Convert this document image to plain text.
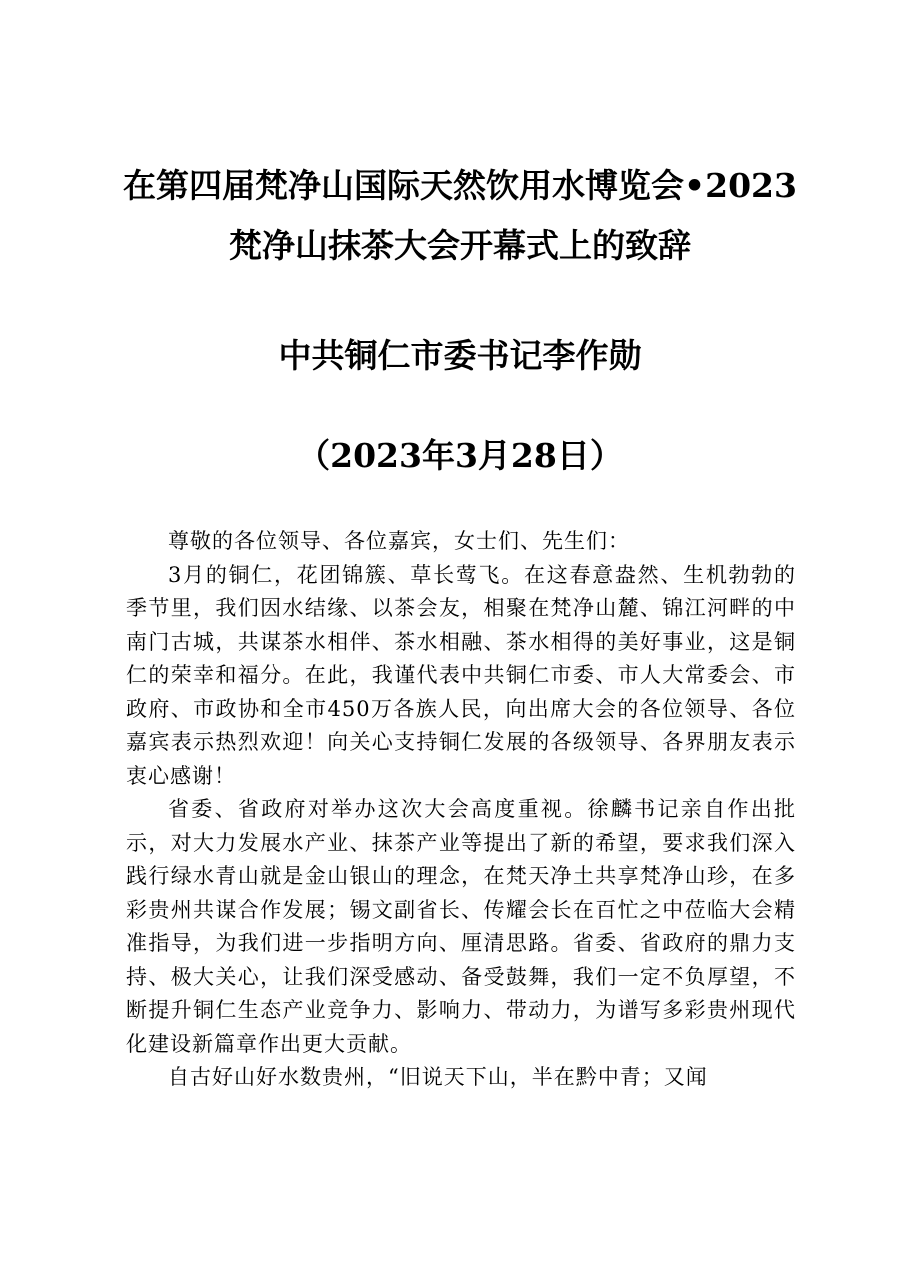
在第四届梵净山国际天然饮用水博览会•2023
梵净山抹茶大会开幕式上的致辞
中共铜仁市委书记李作勋
（2023年3月28日）

尊敬的各位领导、各位嘉宾，女士们、先生们：

3月的铜仁，花团锦簇、草长莺飞。在这春意盎然、生机勃勃的季节里，我们因水结缘、以茶会友，相聚在梵净山麓、锦江河畔的中南门古城，共谋茶水相伴、茶水相融、茶水相得的美好事业，这是铜仁的荣幸和福分。在此，我谨代表中共铜仁市委、市人大常委会、市政府、市政协和全市450万各族人民，向出席大会的各位领导、各位嘉宾表示热烈欢迎！向关心支持铜仁发展的各级领导、各界朋友表示衷心感谢！

省委、省政府对举办这次大会高度重视。徐麟书记亲自作出批示，对大力发展水产业、抹茶产业等提出了新的希望，要求我们深入践行绿水青山就是金山银山的理念，在梵天净土共享梵净山珍，在多彩贵州共谋合作发展；锡文副省长、传耀会长在百忙之中莅临大会精准指导，为我们进一步指明方向、厘清思路。省委、省政府的鼎力支持、极大关心，让我们深受感动、备受鼓舞，我们一定不负厚望，不断提升铜仁生态产业竞争力、影响力、带动力，为谱写多彩贵州现代化建设新篇章作出更大贡献。

自古好山好水数贵州，“旧说天下山，半在黔中青；又闻
